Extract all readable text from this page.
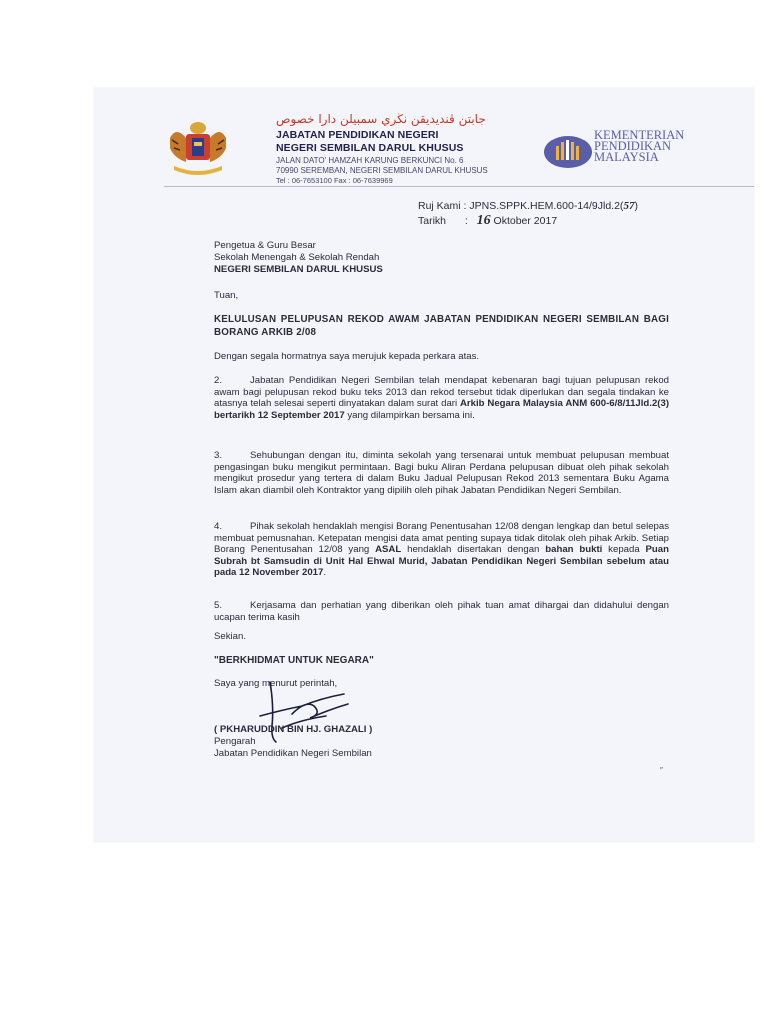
جابتن ڤنديديقن نڬري سمبيلن دارا خصوص
JABATAN PENDIDIKAN NEGERI
NEGERI SEMBILAN DARUL KHUSUS
JALAN DATO' HAMZAH KARUNG BERKUNCI No. 6
70990 SEREMBAN, NEGERI SEMBILAN DARUL KHUSUS
Tel : 06-7653100 Fax : 06-7639969
KEMENTERIAN
PENDIDIKAN
MALAYSIA
Ruj Kami : JPNS.SPPK.HEM.600-14/9Jld.2(57)
Tarikh : 16 Oktober 2017
Pengetua & Guru Besar
Sekolah Menengah & Sekolah Rendah
NEGERI SEMBILAN DARUL KHUSUS
Tuan,
KELULUSAN PELUPUSAN REKOD AWAM JABATAN PENDIDIKAN NEGERI SEMBILAN BAGI BORANG ARKIB 2/08
Dengan segala hormatnya saya merujuk kepada perkara atas.
2.	Jabatan Pendidikan Negeri Sembilan telah mendapat kebenaran bagi tujuan pelupusan rekod awam bagi pelupusan rekod buku teks 2013 dan rekod tersebut tidak diperlukan dan segala tindakan ke atasnya telah selesai seperti dinyatakan dalam surat dari Arkib Negara Malaysia ANM 600-6/8/11Jld.2(3) bertarikh 12 September 2017 yang dilampirkan bersama ini.
3.	Sehubungan dengan itu, diminta sekolah yang tersenarai untuk membuat pelupusan membuat pengasingan buku mengikut permintaan. Bagi buku Aliran Perdana pelupusan dibuat oleh pihak sekolah mengikut prosedur yang tertera di dalam Buku Jadual Pelupusan Rekod 2013 sementara Buku Agama Islam akan diambil oleh Kontraktor yang dipilih oleh pihak Jabatan Pendidikan Negeri Sembilan.
4.	Pihak sekolah hendaklah mengisi Borang Penentusahan 12/08 dengan lengkap dan betul selepas membuat pemusnahan. Ketepatan mengisi data amat penting supaya tidak ditolak oleh pihak Arkib. Setiap Borang Penentusahan 12/08 yang ASAL hendaklah disertakan dengan bahan bukti kepada Puan Subrah bt Samsudin di Unit Hal Ehwal Murid, Jabatan Pendidikan Negeri Sembilan sebelum atau pada 12 November 2017.
5.	Kerjasama dan perhatian yang diberikan oleh pihak tuan amat dihargai dan didahului dengan ucapan terima kasih
Sekian.
"BERKHIDMAT UNTUK NEGARA"
Saya yang menurut perintah,
( PKHARUDDIN BIN HJ. GHAZALI )
Pengarah
Jabatan Pendidikan Negeri Sembilan
″
